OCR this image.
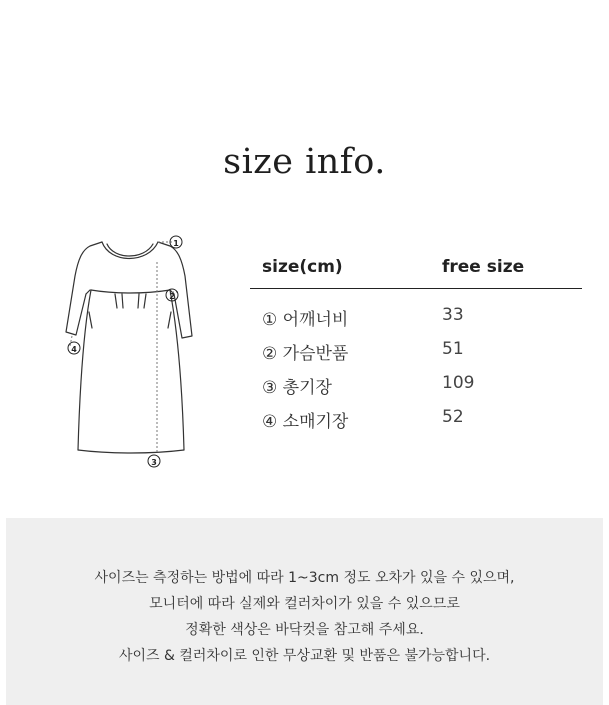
size info.
1
2
3
4
size(cm)	free size
① 어깨너비	33
② 가슴반품	51
③ 총기장	109
④ 소매기장	52
사이즈는 측정하는 방법에 따라 1~3cm 정도 오차가 있을 수 있으며,
모니터에 따라 실제와 컬러차이가 있을 수 있으므로
정확한 색상은 바닥컷을 참고해 주세요.
사이즈 & 컬러차이로 인한 무상교환 및 반품은 불가능합니다.
